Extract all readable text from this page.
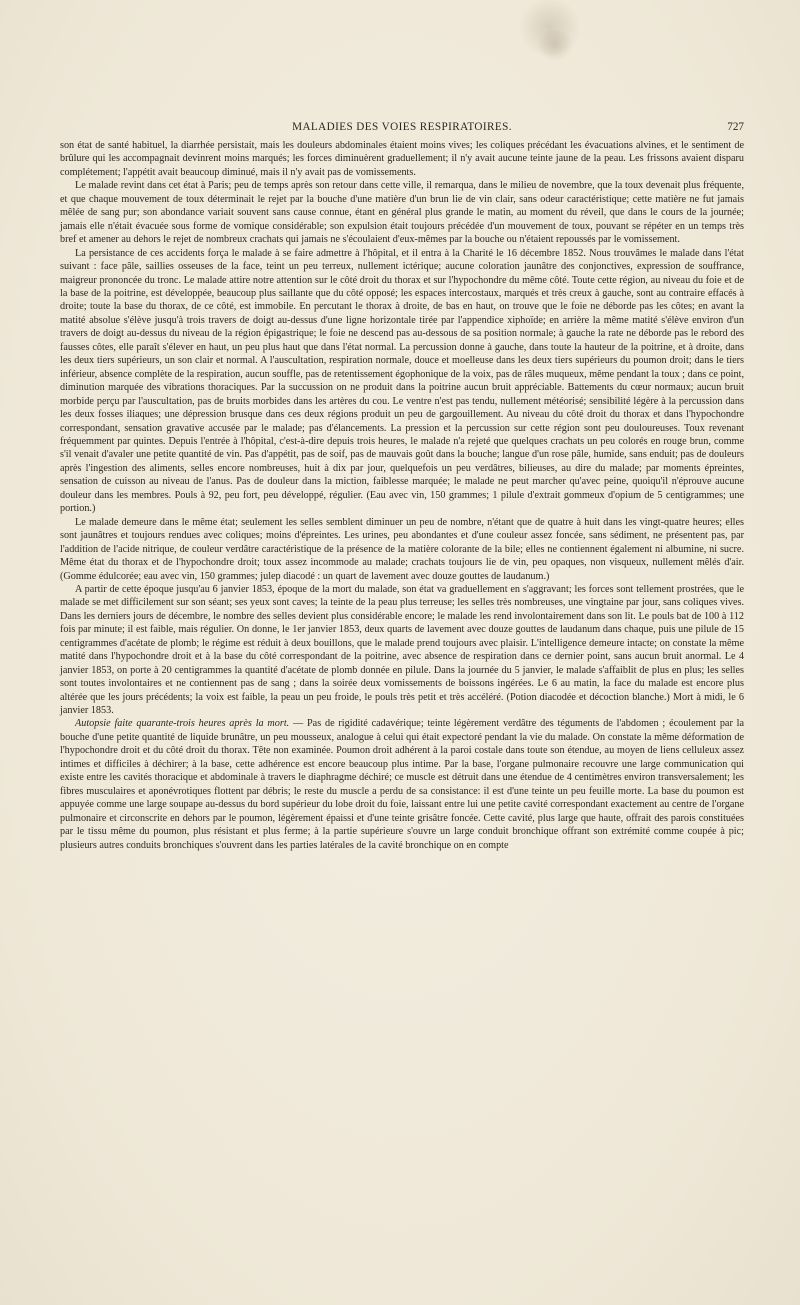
MALADIES DES VOIES RESPIRATOIRES.	727

son état de santé habituel, la diarrhée persistait, mais les douleurs abdominales étaient moins vives; les coliques précédant les évacuations alvines, et le sentiment de brûlure qui les accompagnait devinrent moins marqués; les forces diminuèrent graduellement; il n'y avait aucune teinte jaune de la peau. Les frissons avaient disparu complétement; l'appétit avait beaucoup diminué, mais il n'y avait pas de vomissements.

Le malade revint dans cet état à Paris; peu de temps après son retour dans cette ville, il remarqua, dans le milieu de novembre, que la toux devenait plus fréquente, et que chaque mouvement de toux déterminait le rejet par la bouche d'une matière d'un brun lie de vin clair, sans odeur caractéristique; cette matière ne fut jamais mêlée de sang pur; son abondance variait souvent sans cause connue, étant en général plus grande le matin, au moment du réveil, que dans le cours de la journée; jamais elle n'était évacuée sous forme de vomique considérable; son expulsion était toujours précédée d'un mouvement de toux, pouvant se répéter en un temps très bref et amener au dehors le rejet de nombreux crachats qui jamais ne s'écoulaient d'eux-mêmes par la bouche ou n'étaient repoussés par le vomissement.

La persistance de ces accidents força le malade à se faire admettre à l'hôpital, et il entra à la Charité le 16 décembre 1852. Nous trouvâmes le malade dans l'état suivant : face pâle, saillies osseuses de la face, teint un peu terreux, nullement ictérique; aucune coloration jaunâtre des conjonctives, expression de souffrance, maigreur prononcée du tronc. Le malade attire notre attention sur le côté droit du thorax et sur l'hypochondre du même côté. Toute cette région, au niveau du foie et de la base de la poitrine, est développée, beaucoup plus saillante que du côté opposé; les espaces intercostaux, marqués et très creux à gauche, sont au contraire effacés à droite; toute la base du thorax, de ce côté, est immobile. En percutant le thorax à droite, de bas en haut, on trouve que le foie ne déborde pas les côtes; en avant la matité absolue s'élève jusqu'à trois travers de doigt au-dessus d'une ligne horizontale tirée par l'appendice xiphoïde; en arrière la même matité s'élève environ d'un travers de doigt au-dessus du niveau de la région épigastrique; le foie ne descend pas au-dessous de sa position normale; à gauche la rate ne déborde pas le rebord des fausses côtes, elle paraît s'élever en haut, un peu plus haut que dans l'état normal. La percussion donne à gauche, dans toute la hauteur de la poitrine, et à droite, dans les deux tiers supérieurs, un son clair et normal. A l'auscultation, respiration normale, douce et moelleuse dans les deux tiers supérieurs du poumon droit; dans le tiers inférieur, absence complète de la respiration, aucun souffle, pas de retentissement égophonique de la voix, pas de râles muqueux, même pendant la toux ; dans ce point, diminution marquée des vibrations thoraciques. Par la succussion on ne produit dans la poitrine aucun bruit appréciable. Battements du cœur normaux; aucun bruit morbide perçu par l'auscultation, pas de bruits morbides dans les artères du cou. Le ventre n'est pas tendu, nullement météorisé; sensibilité légère à la percussion dans les deux fosses iliaques; une dépression brusque dans ces deux régions produit un peu de gargouillement. Au niveau du côté droit du thorax et dans l'hypochondre correspondant, sensation gravative accusée par le malade; pas d'élancements. La pression et la percussion sur cette région sont peu douloureuses. Toux revenant fréquemment par quintes. Depuis l'entrée à l'hôpital, c'est-à-dire depuis trois heures, le malade n'a rejeté que quelques crachats un peu colorés en rouge brun, comme s'il venait d'avaler une petite quantité de vin. Pas d'appétit, pas de soif, pas de mauvais goût dans la bouche; langue d'un rose pâle, humide, sans enduit; pas de douleurs après l'ingestion des aliments, selles encore nombreuses, huit à dix par jour, quelquefois un peu verdâtres, bilieuses, au dire du malade; par moments épreintes, sensation de cuisson au niveau de l'anus. Pas de douleur dans la miction, faiblesse marquée; le malade ne peut marcher qu'avec peine, quoiqu'il n'éprouve aucune douleur dans les membres. Pouls à 92, peu fort, peu développé, régulier. (Eau avec vin, 150 grammes; 1 pilule d'extrait gommeux d'opium de 5 centigrammes; une portion.)

Le malade demeure dans le même état; seulement les selles semblent diminuer un peu de nombre, n'étant que de quatre à huit dans les vingt-quatre heures; elles sont jaunâtres et toujours rendues avec coliques; moins d'épreintes. Les urines, peu abondantes et d'une couleur assez foncée, sans sédiment, ne présentent pas, par l'addition de l'acide nitrique, de couleur verdâtre caractéristique de la présence de la matière colorante de la bile; elles ne contiennent également ni albumine, ni sucre. Même état du thorax et de l'hypochondre droit; toux assez incommode au malade; crachats toujours lie de vin, peu opaques, non visqueux, nullement mêlés d'air. (Gomme édulcorée; eau avec vin, 150 grammes; julep diacodé : un quart de lavement avec douze gouttes de laudanum.)

A partir de cette époque jusqu'au 6 janvier 1853, époque de la mort du malade, son état va graduellement en s'aggravant; les forces sont tellement prostrées, que le malade se met difficilement sur son séant; ses yeux sont caves; la teinte de la peau plus terreuse; les selles très nombreuses, une vingtaine par jour, sans coliques vives. Dans les derniers jours de décembre, le nombre des selles devient plus considérable encore; le malade les rend involontairement dans son lit. Le pouls bat de 100 à 112 fois par minute; il est faible, mais régulier. On donne, le 1er janvier 1853, deux quarts de lavement avec douze gouttes de laudanum dans chaque, puis une pilule de 15 centigrammes d'acétate de plomb; le régime est réduit à deux bouillons, que le malade prend toujours avec plaisir. L'intelligence demeure intacte; on constate la même matité dans l'hypochondre droit et à la base du côté correspondant de la poitrine, avec absence de respiration dans ce dernier point, sans aucun bruit anormal. Le 4 janvier 1853, on porte à 20 centigrammes la quantité d'acétate de plomb donnée en pilule. Dans la journée du 5 janvier, le malade s'affaiblit de plus en plus; les selles sont toutes involontaires et ne contiennent pas de sang ; dans la soirée deux vomissements de boissons ingérées. Le 6 au matin, la face du malade est encore plus altérée que les jours précédents; la voix est faible, la peau un peu froide, le pouls très petit et très accéléré. (Potion diacodée et décoction blanche.) Mort à midi, le 6 janvier 1853.

Autopsie faite quarante-trois heures après la mort. — Pas de rigidité cadavérique; teinte légèrement verdâtre des téguments de l'abdomen ; écoulement par la bouche d'une petite quantité de liquide brunâtre, un peu mousseux, analogue à celui qui était expectoré pendant la vie du malade. On constate la même déformation de l'hypochondre droit et du côté droit du thorax. Tête non examinée. Poumon droit adhérent à la paroi costale dans toute son étendue, au moyen de liens celluleux assez intimes et difficiles à déchirer; à la base, cette adhérence est encore beaucoup plus intime. Par la base, l'organe pulmonaire recouvre une large communication qui existe entre les cavités thoracique et abdominale à travers le diaphragme déchiré; ce muscle est détruit dans une étendue de 4 centimètres environ transversalement; les fibres musculaires et aponévrotiques flottent par débris; le reste du muscle a perdu de sa consistance: il est d'une teinte un peu feuille morte. La base du poumon est appuyée comme une large soupape au-dessus du bord supérieur du lobe droit du foie, laissant entre lui une petite cavité correspondant exactement au centre de l'organe pulmonaire et circonscrite en dehors par le poumon, légèrement épaissi et d'une teinte grisâtre foncée. Cette cavité, plus large que haute, offrait des parois constituées par le tissu même du poumon, plus résistant et plus ferme; à la partie supérieure s'ouvre un large conduit bronchique offrant son extrémité comme coupée à pic; plusieurs autres conduits bronchiques s'ouvrent dans les parties latérales de la cavité bronchique on en compte
